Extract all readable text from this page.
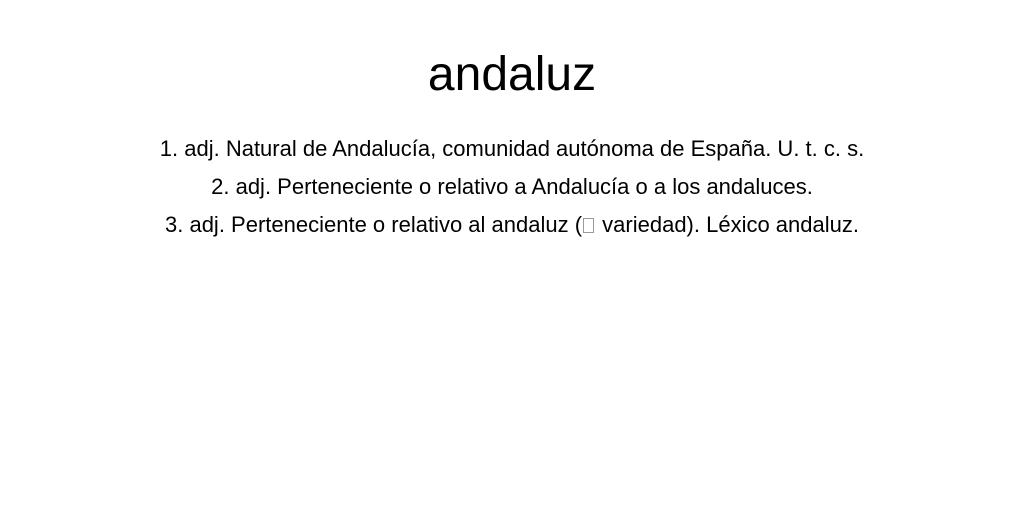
andaluz
1. adj. Natural de Andalucía, comunidad autónoma de España. U. t. c. s.
2. adj. Perteneciente o relativo a Andalucía o a los andaluces.
3. adj. Perteneciente o relativo al andaluz ( variedad). Léxico andaluz.
